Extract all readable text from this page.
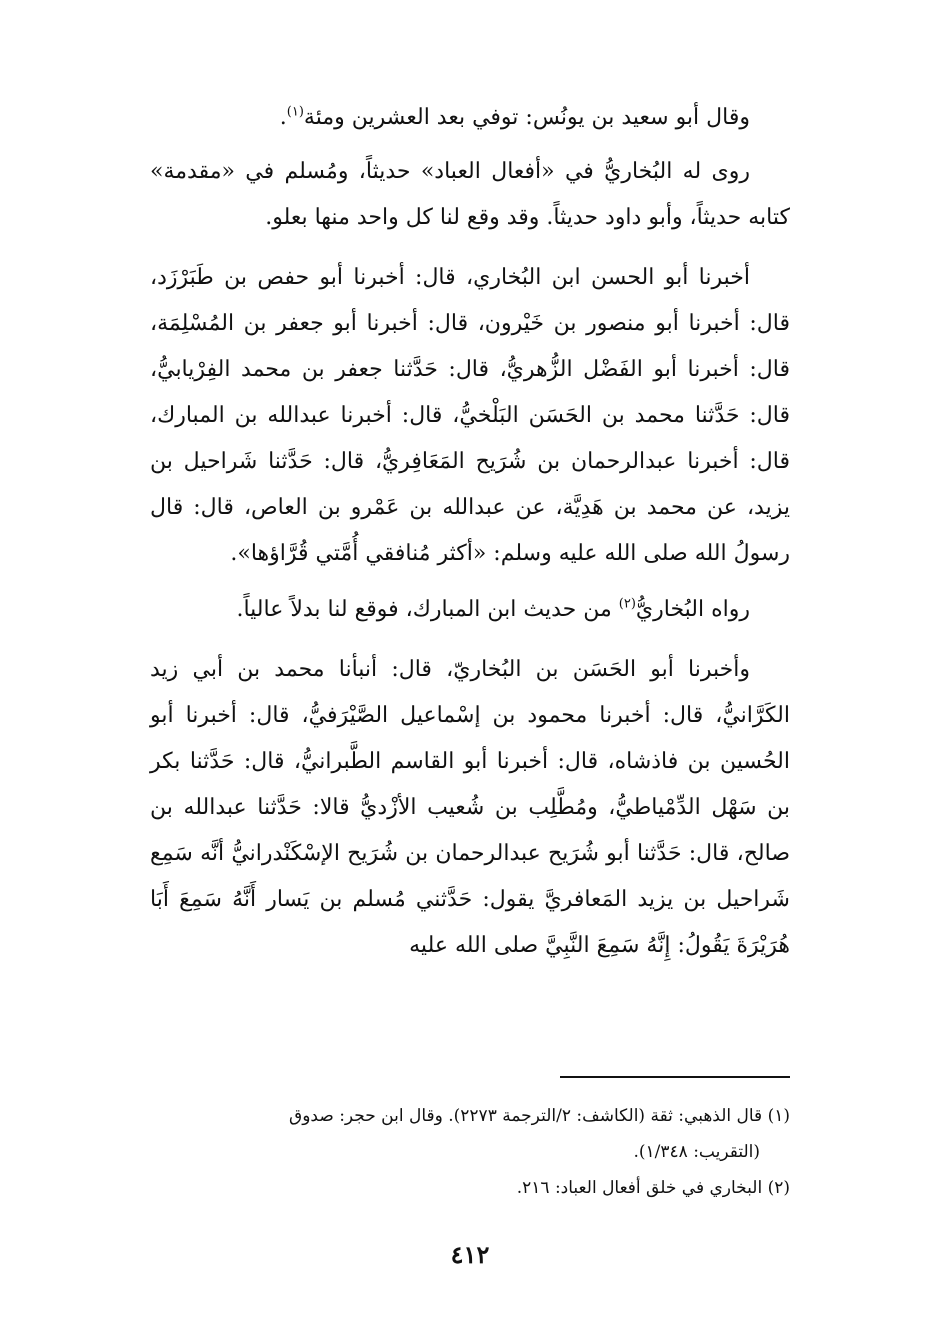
وقال أبو سعيد بن يونُس: توفي بعد العشرين ومئة$^{(١)}$.

روى له البُخاريُّ في «أفعال العباد» حديثاً، ومُسلم في «مقدمة» كتابه حديثاً، وأبو داود حديثاً. وقد وقع لنا كل واحد منها بعلو.

أخبرنا أبو الحسن ابن البُخاري، قال: أخبرنا أبو حفص بن طَبَرْزَد، قال: أخبرنا أبو منصور بن خَيْرون، قال: أخبرنا أبو جعفر بن المُسْلِمَة، قال: أخبرنا أبو الفَضْل الزُّهريُّ، قال: حَدَّثنا جعفر بن محمد الفِرْيابيُّ، قال: حَدَّثنا محمد بن الحَسَن البَلْخيُّ، قال: أخبرنا عبدالله بن المبارك، قال: أخبرنا عبدالرحمان بن شُرَيح المَعَافِريُّ، قال: حَدَّثنا شَراحيل بن يزيد، عن محمد بن هَدِيَّة، عن عبدالله بن عَمْرو بن العاص، قال: قال رسولُ الله صلى الله عليه وسلم: «أكثر مُنافقي أُمَّتي قُرَّاؤها».

رواه البُخاريُّ$^{(٢)}$ من حديث ابن المبارك، فوقع لنا بدلاً عالياً.

وأخبرنا أبو الحَسَن بن البُخاريّ، قال: أنبأنا محمد بن أبي زيد الكَرَّانيُّ، قال: أخبرنا محمود بن إسْماعيل الصَّيْرَفيُّ، قال: أخبرنا أبو الحُسين بن فاذشاه، قال: أخبرنا أبو القاسم الطَّبرانيُّ، قال: حَدَّثنا بكر بن سَهْل الدِّمْياطيُّ، ومُطَّلِب بن شُعيب الأزْديُّ قالا: حَدَّثنا عبدالله بن صالح، قال: حَدَّثنا أبو شُرَيح عبدالرحمان بن شُرَيح الإسْكَنْدرانيُّ أنَّه سَمِع شَراحيل بن يزيد المَعافريَّ يقول: حَدَّثني مُسلم بن يَسار أَنَّهُ سَمِعَ أَبَا هُرَيْرَةَ يَقُولُ: إِنَّهُ سَمِعَ النَّبِيَّ صلى الله عليه

(١) قال الذهبي: ثقة (الكاشف: ٢/الترجمة ٢٢٧٣). وقال ابن حجر: صدوق

(التقريب: ١/٣٤٨).

(٢) البخاري في خلق أفعال العباد: ٢١٦.

٤١٢
